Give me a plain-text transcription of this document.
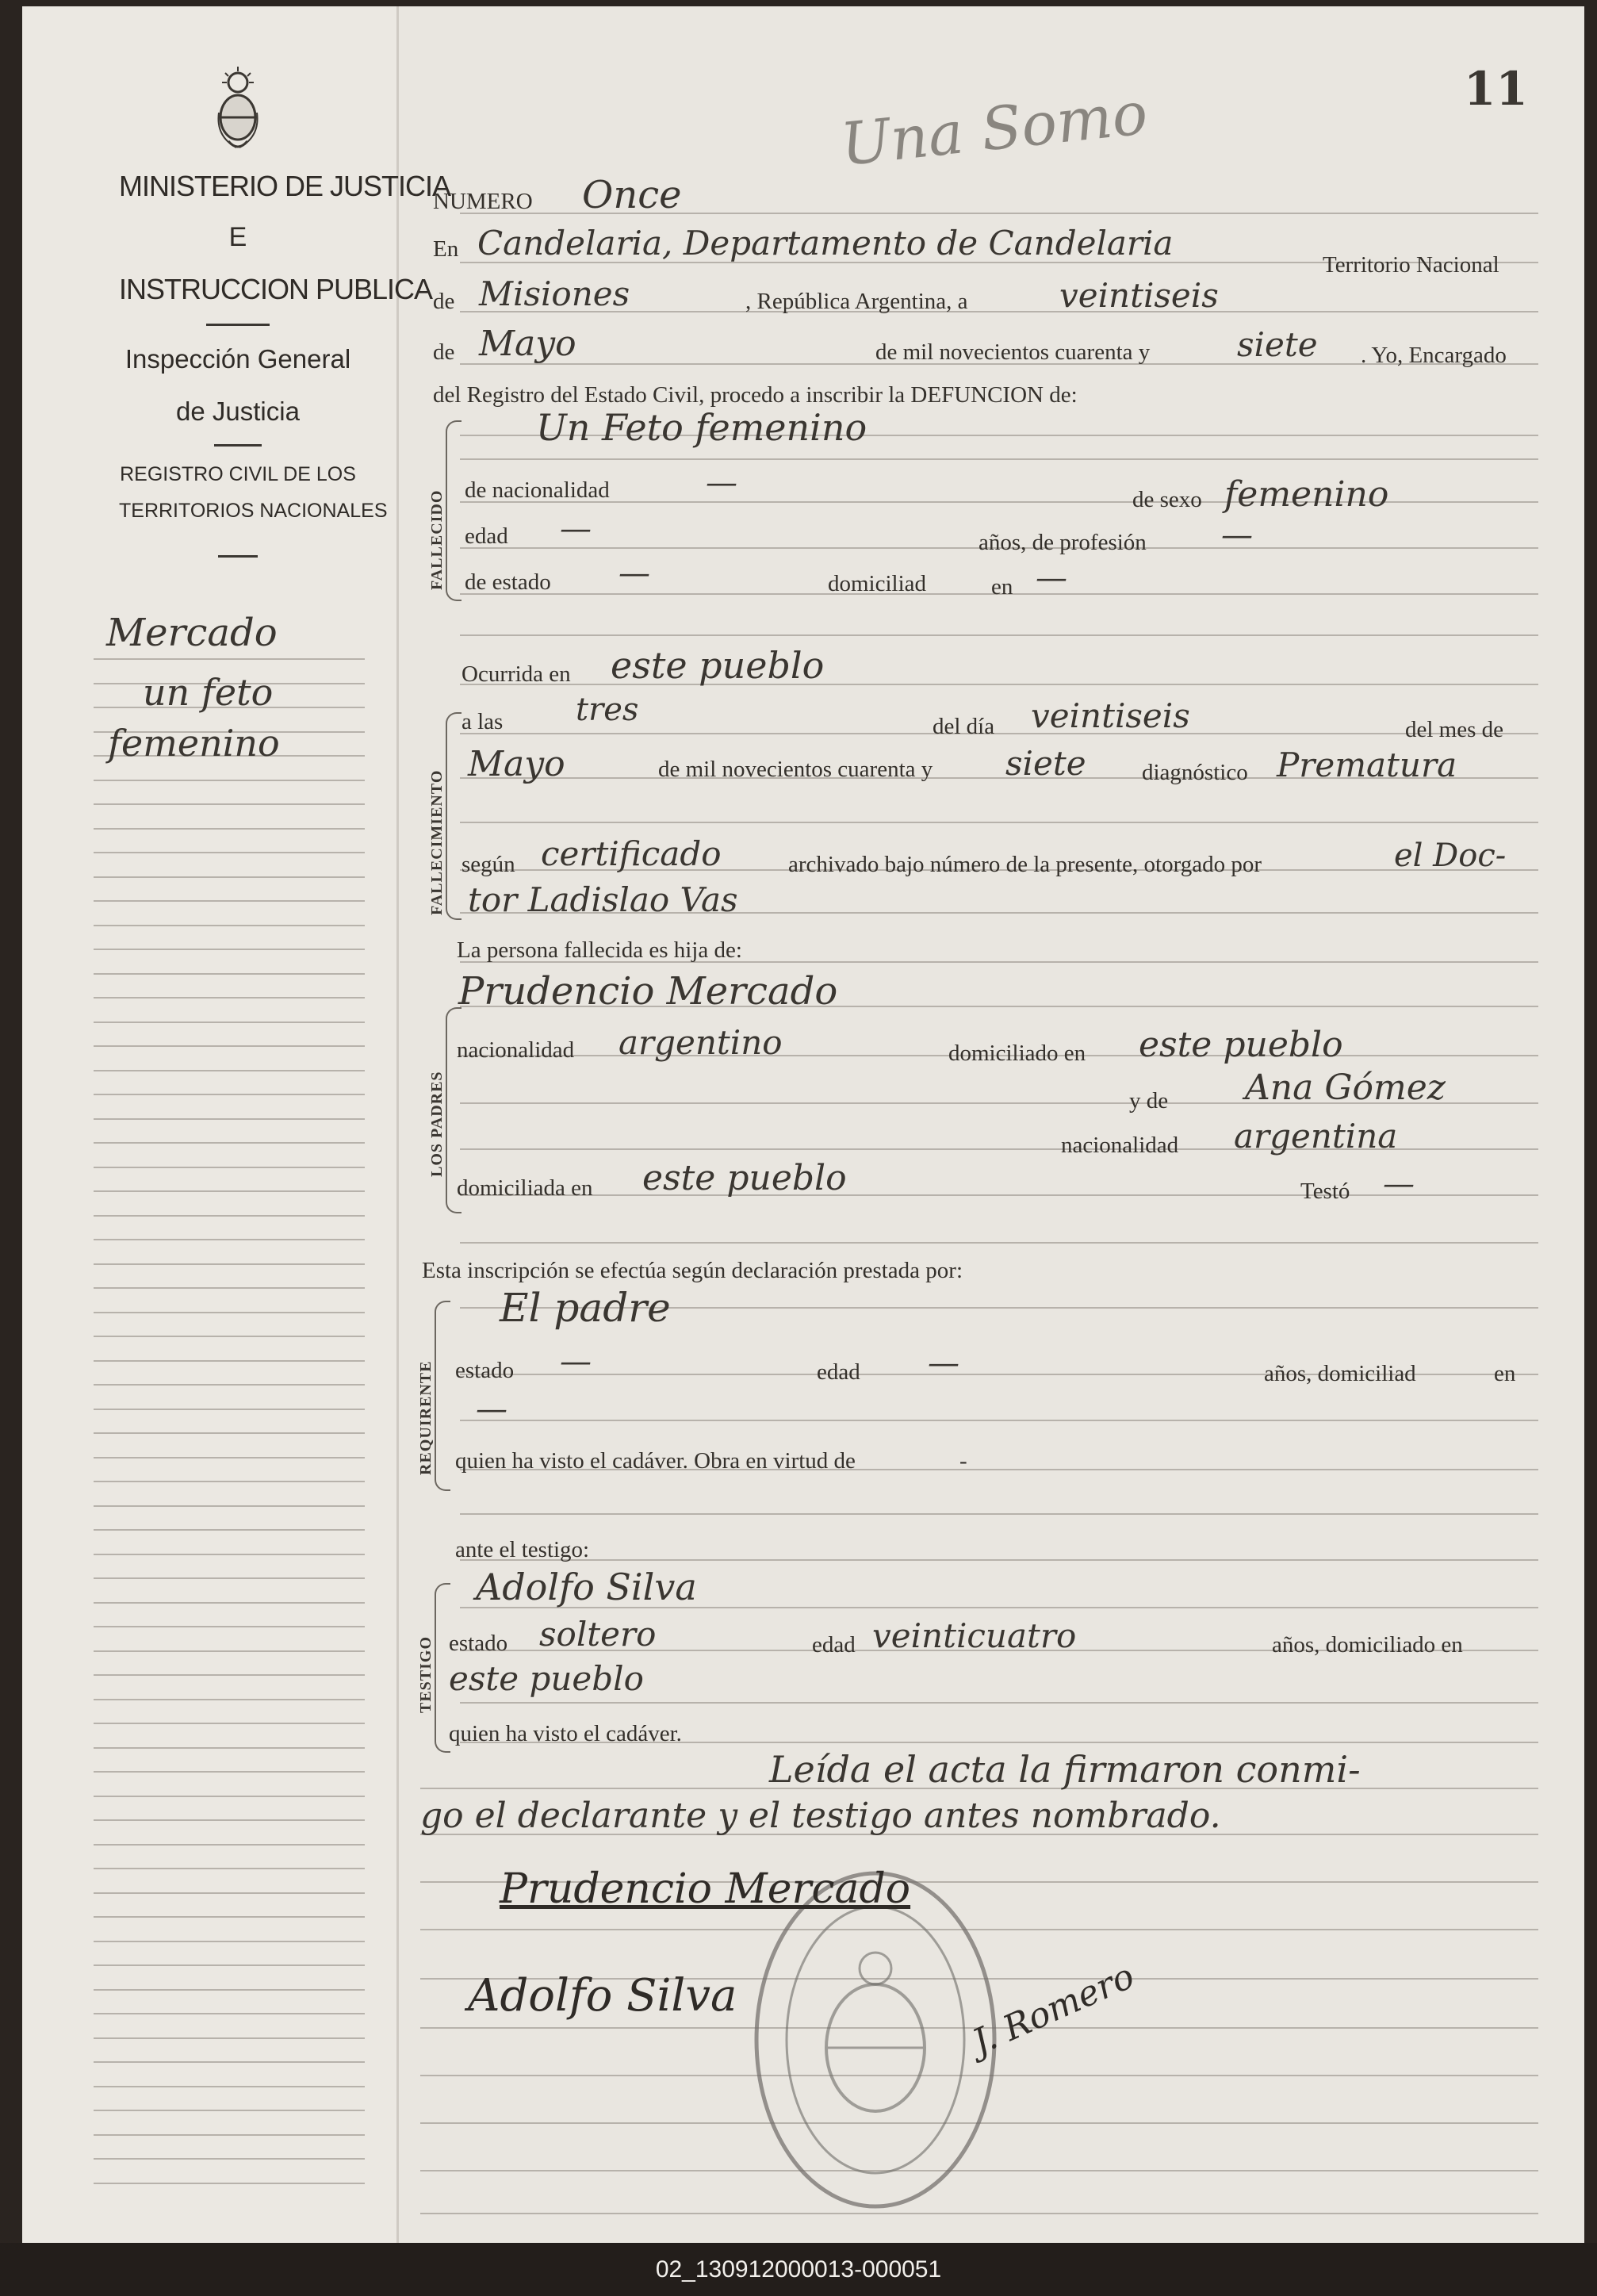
MINISTERIO DE JUSTICIA
E
INSTRUCCION PUBLICA
Inspección General
de Justicia
REGISTRO CIVIL DE LOS
TERRITORIOS NACIONALES
Mercado
un feto
femenino
11
Una Somo
NUMERO Once
En Candelaria, Departamento de Candelaria
Territorio Nacional
de Misiones	, República Argentina, a	veintiseis
de Mayo	de mil novecientos cuarenta y	siete . Yo, Encargado
del Registro del Estado Civil, procedo a inscribir la DEFUNCION de:
FALLECIDO
Un Feto femenino
de nacionalidad	—	de sexo femenino
edad —	años, de profesión —
de estado —	domiciliad	en —
FALLECIMIENTO
Ocurrida en este pueblo
a las tres	del día veintiseis	del mes de
Mayo	de mil novecientos cuarenta y siete diagnóstico Prematura
según certificado	archivado bajo número de la presente, otorgado por	el Doc-
tor Ladislao Vas
La persona fallecida es hija de:
LOS PADRES
Prudencio Mercado
nacionalidad argentino	domiciliado en este pueblo
y de Ana Gómez
nacionalidad argentina
domiciliada en este pueblo	Testó —
Esta inscripción se efectúa según declaración prestada por:
REQUIRENTE
El padre
estado —	edad —	años, domiciliad	en
—
quien ha visto el cadáver. Obra en virtud de	-
ante el testigo:
TESTIGO
Adolfo Silva
estado soltero	edad veinticuatro	años, domiciliado en
este pueblo
quien ha visto el cadáver.
Leída el acta la firmaron conmi-
go el declarante y el testigo antes nombrado.
Prudencio Mercado
Adolfo Silva	J. Romero
02_130912000013-000051
